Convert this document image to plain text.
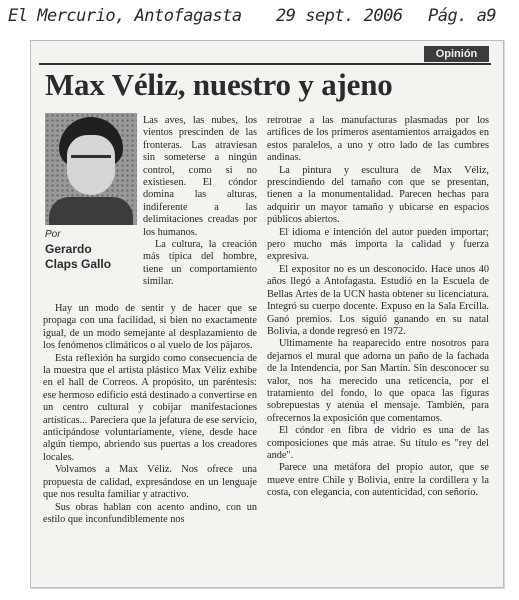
El Mercurio, Antofagasta 29 sept. 2006 Pág. a9
Opinión
Max Véliz, nuestro y ajeno
Por
Gerardo
Claps Gallo

Las aves, las nubes, los vientos prescinden de las fronteras. Las atraviesan sin someterse a ningún control, como si no existiesen. El cóndor domina las alturas, indiferente a las delimitaciones creadas por los humanos.

La cultura, la creación más típica del hombre, tiene un comportamiento similar.

Hay un modo de sentir y de hacer que se propaga con una facilidad, si bien no exactamente igual, de un modo semejante al desplazamiento de los fenómenos climáticos o al vuelo de los pájaros.

Esta reflexión ha surgido como consecuencia de la muestra que el artista plástico Max Véliz exhibe en el hall de Correos. A propósito, un paréntesis: ese hermoso edificio está destinado a convertirse en un centro cultural y cobijar manifestaciones artísticas... Pareciera que la jefatura de ese servicio, anticipándose voluntariamente, viene, desde hace algún tiempo, abriendo sus puertas a los creadores locales.

Volvamos a Max Véliz. Nos ofrece una propuesta de calidad, expresándose en un lenguaje que nos resulta familiar y atractivo.

Sus obras hablan con acento andino, con un estilo que inconfundiblemente nos

retrotrae a las manufacturas plasmadas por los artífices de los primeros asentamientos arraigados en estos paralelos, a uno y otro lado de las cumbres andinas.

La pintura y escultura de Max Véliz, prescindiendo del tamaño con que se presentan, tienen a la monumentalidad. Parecen hechas para adquirir un mayor tamaño y ubicarse en espacios públicos abiertos.

El idioma e intención del autor pueden importar; pero mucho más importa la calidad y fuerza expresiva.

El expositor no es un desconocido. Hace unos 40 años llegó a Antofagasta. Estudió en la Escuela de Bellas Artes de la UCN hasta obtener su licenciatura. Integró su cuerpo docente. Expuso en la Sala Ercilla. Ganó premios. Los siguió ganando en su natal Bolivia, a donde regresó en 1972.

Ultimamente ha reaparecido entre nosotros para dejarnos el mural que adorna un paño de la fachada de la Intendencia, por San Martín. Sin desconocer su valor, nos ha merecido una reticencia, por el tratamiento del fondo, lo que opaca las figuras sobrepuestas y atenúa el mensaje. También, para ofrecernos la exposición que comentamos.

El cóndor en fibra de vidrio es una de las composiciones que más atrae. Su título es "rey del ande".

Parece una metáfora del propio autor, que se mueve entre Chile y Bolivia, entre la cordillera y la costa, con elegancia, con autenticidad, con señorío.
